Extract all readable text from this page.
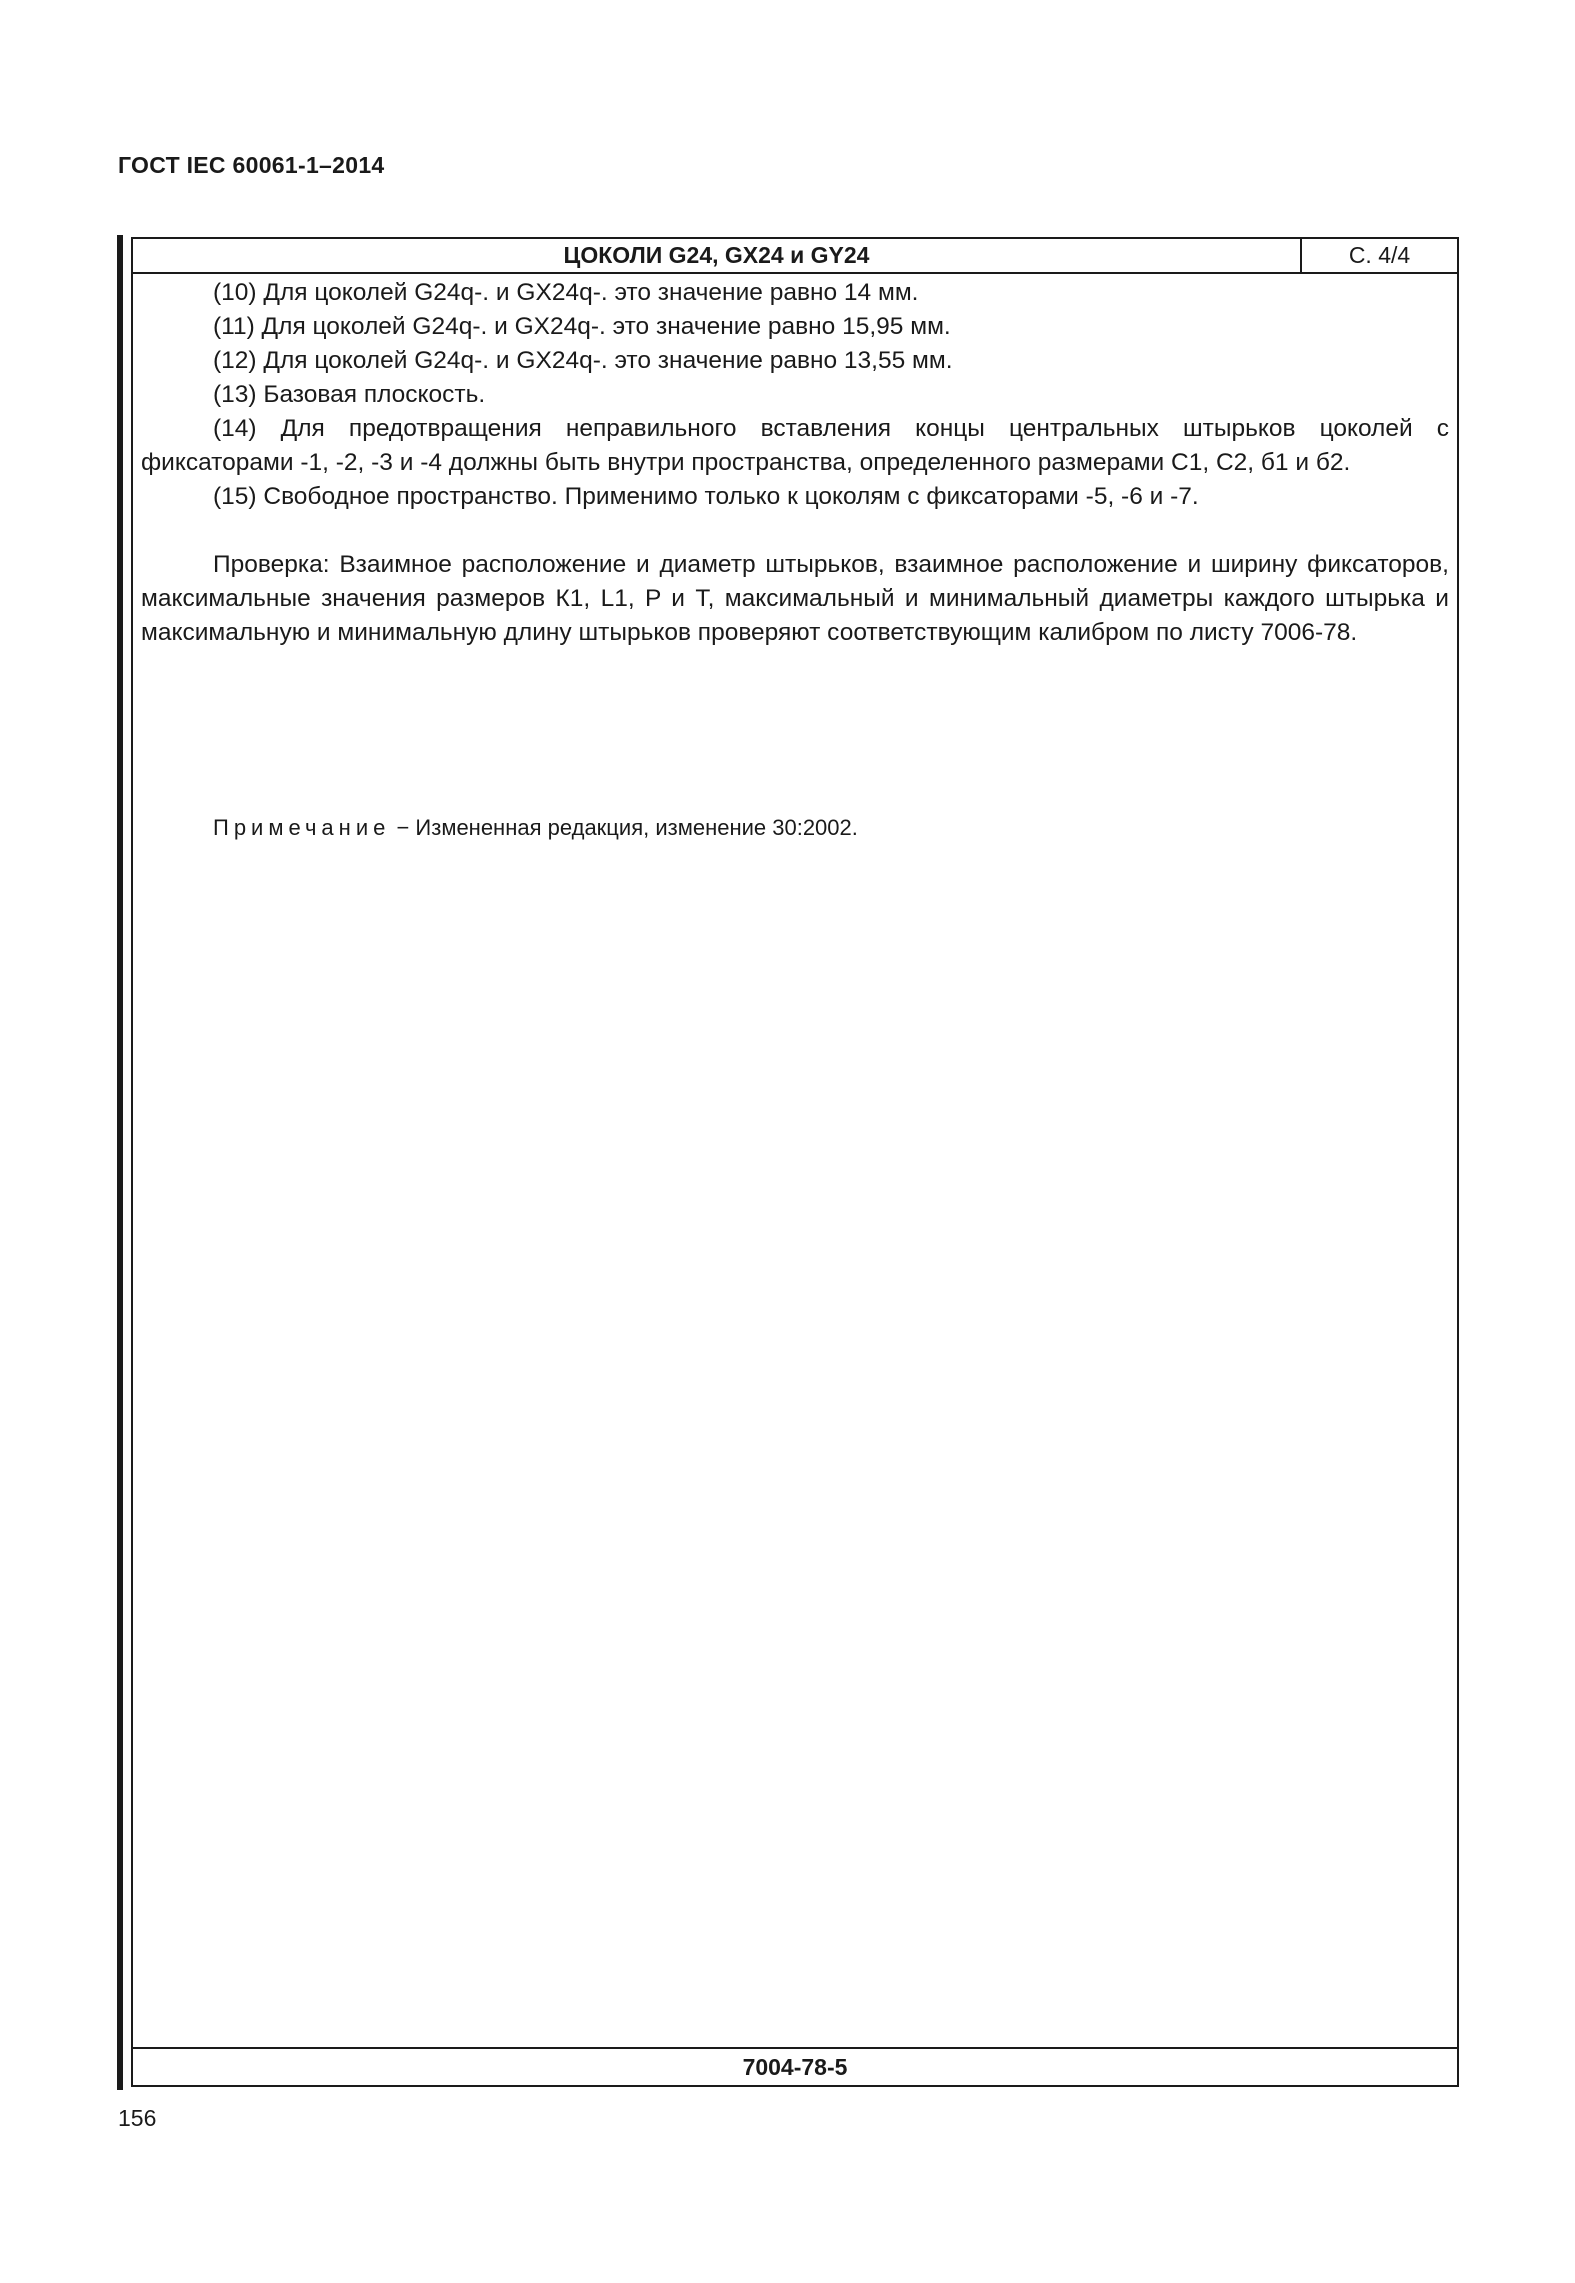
ГОСТ IEC 60061-1–2014
ЦОКОЛИ G24, GX24 и GY24	С. 4/4

(10) Для цоколей G24q-. и GX24q-. это значение равно 14 мм.

(11) Для цоколей G24q-. и GX24q-. это значение равно 15,95 мм.

(12) Для цоколей G24q-. и GX24q-. это значение равно 13,55 мм.

(13) Базовая плоскость.

(14) Для предотвращения неправильного вставления концы центральных штырьков цоколей с фиксаторами -1, -2, -3 и -4 должны быть внутри пространства, определенного размерами С1, С2, б1 и б2.

(15) Свободное пространство. Применимо только к цоколям с фиксаторами -5, -6 и -7.

Проверка: Взаимное расположение и диаметр штырьков, взаимное расположение и ширину фиксаторов, максимальные значения размеров К1, L1, P и Т, максимальный и минимальный диаметры каждого штырька и максимальную и минимальную длину штырьков проверяют соответствующим калибром по листу 7006-78.

Примечание − Измененная редакция, изменение 30:2002.
7004-78-5
156
